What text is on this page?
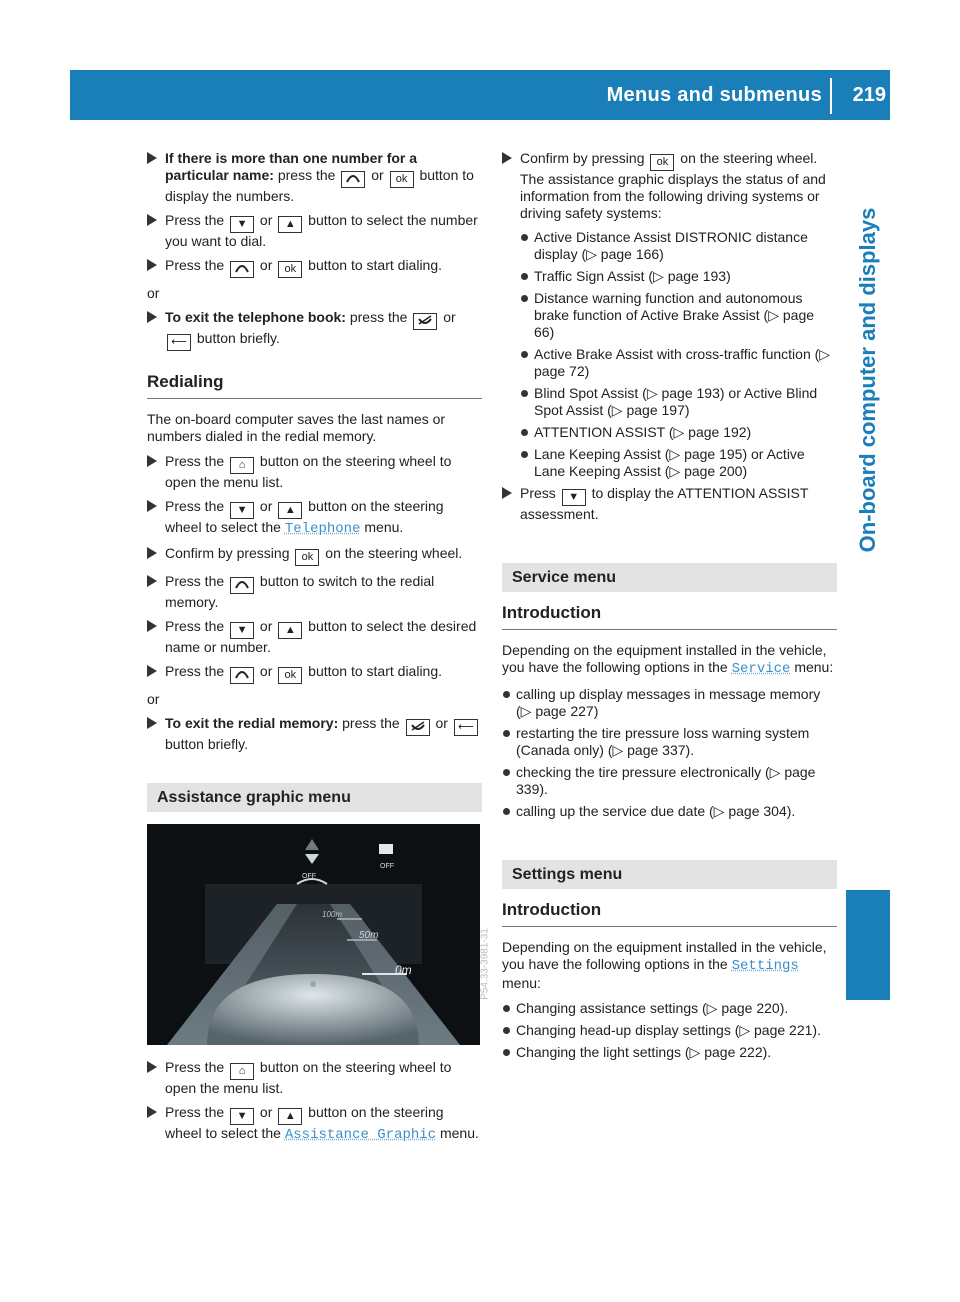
Menus and submenus 219
On-board computer and displays
If there is more than one number for a particular name: press the	or ok button to display the numbers.
Press the ▼ or ▲ button to select the number you want to dial.
Press the	or ok button to start dialing.
or
To exit the telephone book: press the	or ⟵ button briefly.
Redialing
The on-board computer saves the last names or numbers dialed in the redial memory.
Press the ⌂ button on the steering wheel to open the menu list.
Press the ▼ or ▲ button on the steering wheel to select the Telephone menu.
Confirm by pressing ok on the steering wheel.
Press the	button to switch to the redial memory.
Press the ▼ or ▲ button to select the desired name or number.
Press the	or ok button to start dialing.
or
To exit the redial memory: press the	or ⟵ button briefly.
Assistance graphic menu
OFF
OFF
100m
50m
0m	P54.33-3981-31
Press the ⌂ button on the steering wheel to open the menu list.
Press the ▼ or ▲ button on the steering wheel to select the Assistance Graphic menu.
Confirm by pressing ok on the steering wheel.
The assistance graphic displays the status of and information from the following driving systems or driving safety systems:
Active Distance Assist DISTRONIC distance display (▷ page 166)
Traffic Sign Assist (▷ page 193)
Distance warning function and autonomous brake function of Active Brake Assist (▷ page 66)
Active Brake Assist with cross-traffic function (▷ page 72)
Blind Spot Assist (▷ page 193) or Active Blind Spot Assist (▷ page 197)
ATTENTION ASSIST (▷ page 192)
Lane Keeping Assist (▷ page 195) or Active Lane Keeping Assist (▷ page 200)
Press ▼ to display the ATTENTION ASSIST assessment.
Service menu
Introduction
Depending on the equipment installed in the vehicle, you have the following options in the Service menu:
calling up display messages in message memory (▷ page 227)
restarting the tire pressure loss warning system (Canada only) (▷ page 337).
checking the tire pressure electronically (▷ page 339).
calling up the service due date (▷ page 304).
Settings menu
Introduction
Depending on the equipment installed in the vehicle, you have the following options in the Settings menu:
Changing assistance settings (▷ page 220).
Changing head-up display settings (▷ page 221).
Changing the light settings (▷ page 222).
